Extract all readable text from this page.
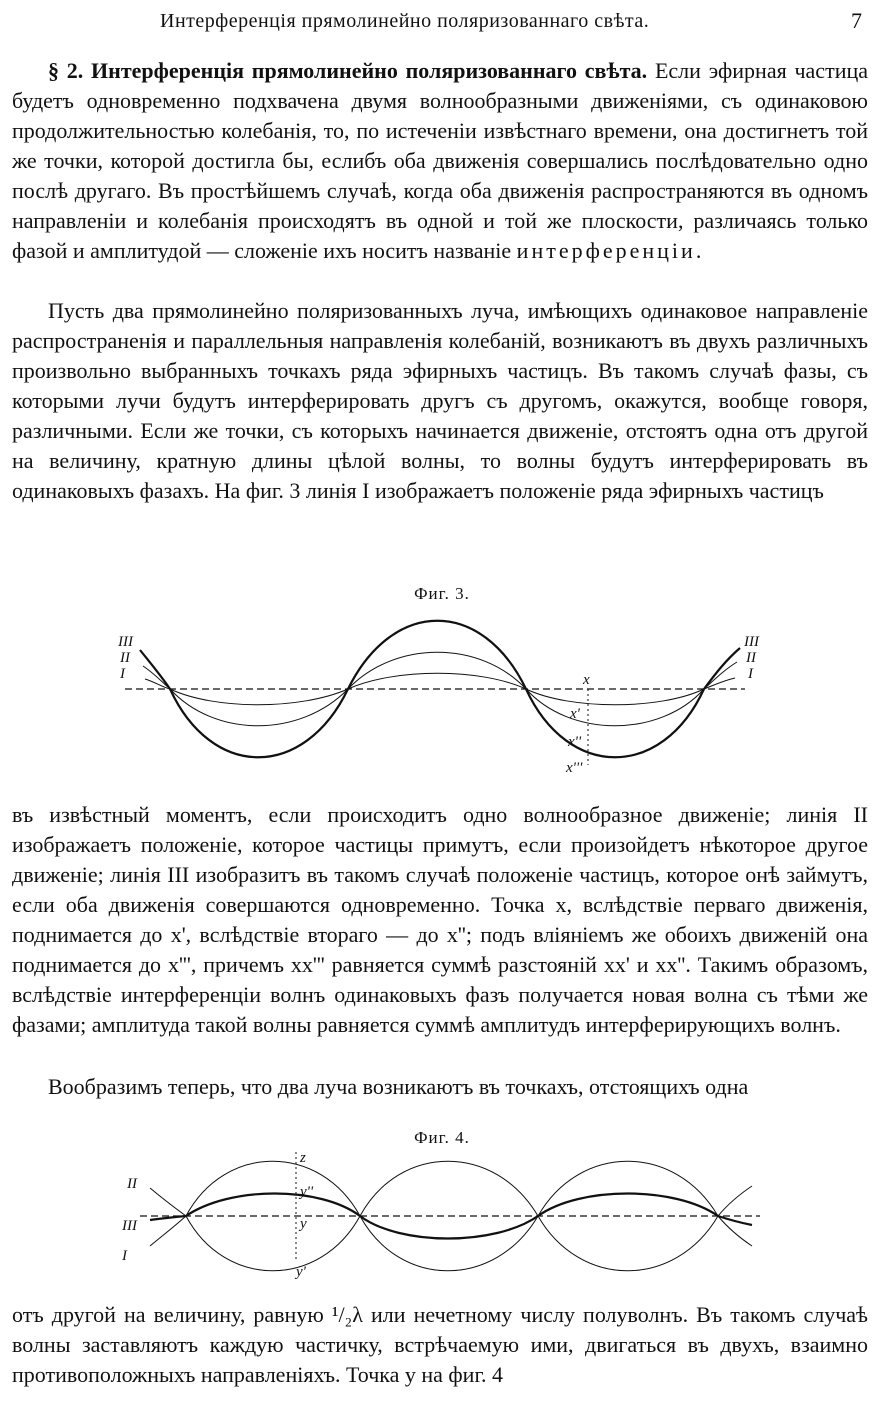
Интерференція прямолинейно поляризованнаго свѣта.	7

§ 2. Интерференція прямолинейно поляризованнаго свѣта. Если эфирная частица будетъ одновременно подхвачена двумя волнообразными движеніями, съ одинаковою продолжительностью колебанія, то, по истеченіи извѣстнаго времени, она достигнетъ той же точки, которой достигла бы, еслибъ оба движенія совершались послѣдовательно одно послѣ другаго. Въ простѣйшемъ случаѣ, когда оба движенія распространяются въ одномъ направленіи и колебанія происходятъ въ одной и той же плоскости, различаясь только фазой и амплитудой — сложеніе ихъ носитъ названіе интерференціи.

Пусть два прямолинейно поляризованныхъ луча, имѣющихъ одинаковое направленіе распространенія и параллельныя направленія колебаній, возникаютъ въ двухъ различныхъ произвольно выбранныхъ точкахъ ряда эфирныхъ частицъ. Въ такомъ случаѣ фазы, съ которыми лучи будутъ интерферировать другъ съ другомъ, окажутся, вообще говоря, различными. Если же точки, съ которыхъ начинается движеніе, отстоятъ одна отъ другой на величину, кратную длины цѣлой волны, то волны будутъ интерферировать въ одинаковыхъ фазахъ. На фиг. 3 линія I изображаетъ положеніе ряда эфирныхъ частицъ

Фиг. 3.
III
II
I
III
II
I
x
x'
x''
x'''

въ извѣстный моментъ, если происходитъ одно волнообразное движеніе; линія II изображаетъ положеніе, которое частицы примутъ, если произойдетъ нѣкоторое другое движеніе; линія III изобразитъ въ такомъ случаѣ положеніе частицъ, которое онѣ займутъ, если оба движенія совершаются одновременно. Точка x, вслѣдствіе перваго движенія, поднимается до x', вслѣдствіе втораго — до x''; подъ вліяніемъ же обоихъ движеній она поднимается до x''', причемъ xx''' равняется суммѣ разстояній xx' и xx''. Такимъ образомъ, вслѣдствіе интерференціи волнъ одинаковыхъ фазъ получается новая волна съ тѣми же фазами; амплитуда такой волны равняется суммѣ амплитудъ интерферирующихъ волнъ.

Вообразимъ теперь, что два луча возникаютъ въ точкахъ, отстоящихъ одна

Фиг. 4.
II
III
I
z
y''
y
y'

отъ другой на величину, равную ¹/₂λ или нечетному числу полуволнъ. Въ такомъ случаѣ волны заставляютъ каждую частичку, встрѣчаемую ими, двигаться въ двухъ, взаимно противоположныхъ направленіяхъ. Точка y на фиг. 4
